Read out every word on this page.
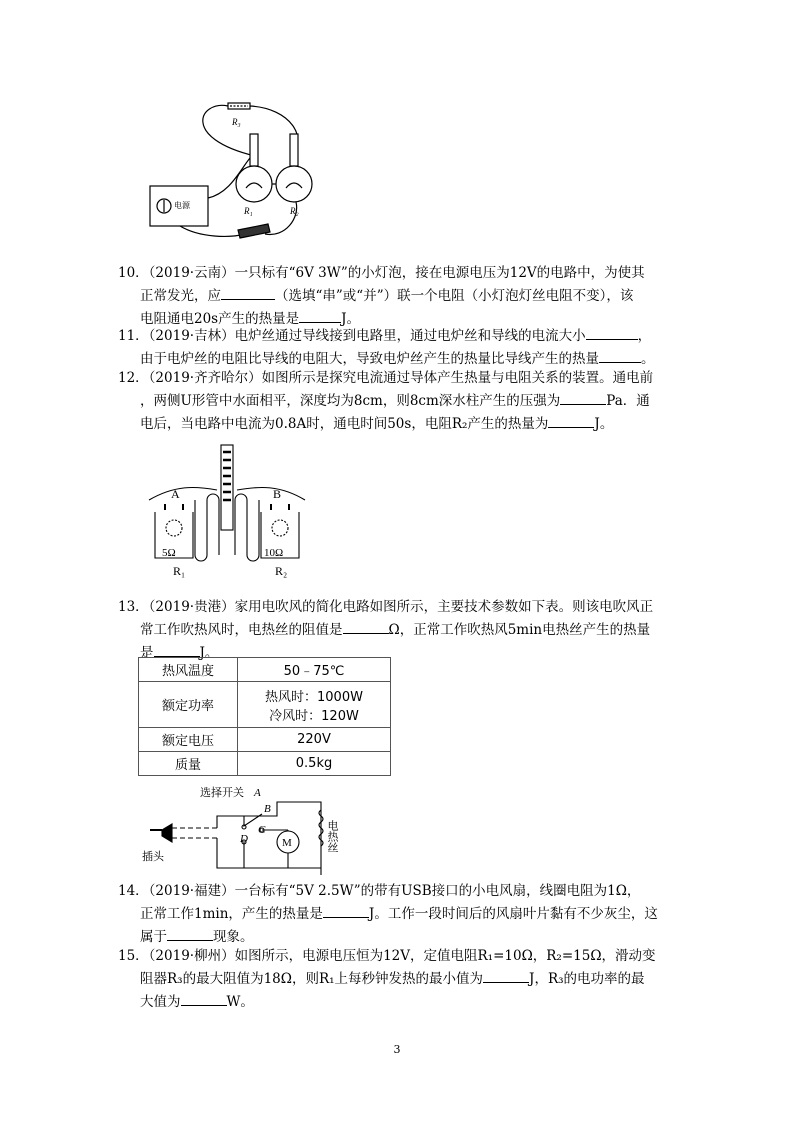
R₃
R₁	R₂
电源
10．（2019·云南）一只标有“6V 3W”的小灯泡，接在电源电压为12V的电路中，为使其
正常发光，应	（选填“串”或“并”）联一个电阻（小灯泡灯丝电阻不变），该
电阻通电20s产生的热量是	J。
11．（2019·吉林）电炉丝通过导线接到电路里，通过电炉丝和导线的电流大小	，
由于电炉丝的电阻比导线的电阻大，导致电炉丝产生的热量比导线产生的热量	。
12．（2019·齐齐哈尔）如图所示是探究电流通过导体产生热量与电阻关系的装置。通电前
，两侧U形管中水面相平，深度均为8cm，则8cm深水柱产生的压强为	Pa．通
电后，当电路中电流为0.8A时，通电时间50s，电阻R₂产生的热量为	J。
A	B
5Ω	10Ω
R₁	R₂
13．（2019·贵港）家用电吹风的简化电路如图所示，主要技术参数如下表。则该电吹风正
常工作吹热风时，电热丝的阻值是	Ω，正常工作吹热风5min电热丝产生的热量
是	J。
热风温度	50﹣75℃
额定功率	热风时：1000W
冷风时：120W

额定电压	220V
质量	0.5kg
选择开关 A
B
C
D	M	电热丝
插头
14．（2019·福建）一台标有“5V 2.5W”的带有USB接口的小电风扇，线圈电阻为1Ω，
正常工作1min，产生的热量是	J。工作一段时间后的风扇叶片黏有不少灰尘，这
属于	现象。
15．（2019·柳州）如图所示，电源电压恒为12V，定值电阻R₁=10Ω，R₂=15Ω，滑动变
阻器R₃的最大阻值为18Ω，则R₁上每秒钟发热的最小值为	J，R₃的电功率的最
大值为	W。
3
